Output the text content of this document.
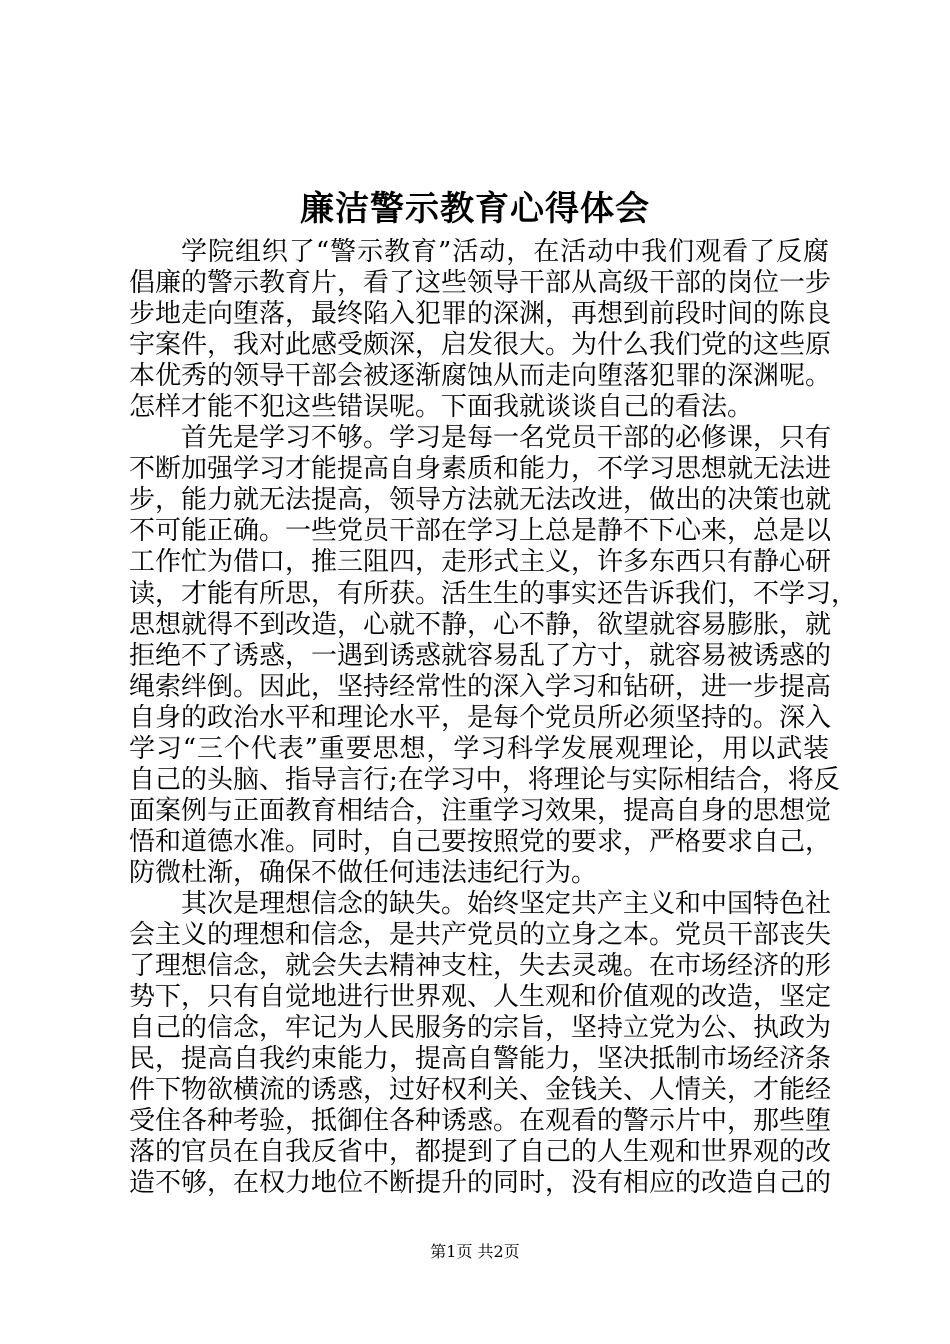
廉洁警示教育心得体会
学院组织了“警示教育”活动，在活动中我们观看了反腐
倡廉的警示教育片，看了这些领导干部从高级干部的岗位一步
步地走向堕落，最终陷入犯罪的深渊，再想到前段时间的陈良
宇案件，我对此感受颇深，启发很大。为什么我们党的这些原
本优秀的领导干部会被逐渐腐蚀从而走向堕落犯罪的深渊呢。
怎样才能不犯这些错误呢。下面我就谈谈自己的看法。
首先是学习不够。学习是每一名党员干部的必修课，只有
不断加强学习才能提高自身素质和能力，不学习思想就无法进
步，能力就无法提高，领导方法就无法改进，做出的决策也就
不可能正确。一些党员干部在学习上总是静不下心来，总是以
工作忙为借口，推三阻四，走形式主义，许多东西只有静心研
读，才能有所思，有所获。活生生的事实还告诉我们，不学习，
思想就得不到改造，心就不静，心不静，欲望就容易膨胀，就
拒绝不了诱惑，一遇到诱惑就容易乱了方寸，就容易被诱惑的
绳索绊倒。因此，坚持经常性的深入学习和钻研，进一步提高
自身的政治水平和理论水平，是每个党员所必须坚持的。深入
学习“三个代表”重要思想，学习科学发展观理论，用以武装
自己的头脑、指导言行;在学习中，将理论与实际相结合，将反
面案例与正面教育相结合，注重学习效果，提高自身的思想觉
悟和道德水准。同时，自己要按照党的要求，严格要求自己，
防微杜渐，确保不做任何违法违纪行为。
其次是理想信念的缺失。始终坚定共产主义和中国特色社
会主义的理想和信念，是共产党员的立身之本。党员干部丧失
了理想信念，就会失去精神支柱，失去灵魂。在市场经济的形
势下，只有自觉地进行世界观、人生观和价值观的改造，坚定
自己的信念，牢记为人民服务的宗旨，坚持立党为公、执政为
民，提高自我约束能力，提高自警能力，坚决抵制市场经济条
件下物欲横流的诱惑，过好权利关、金钱关、人情关，才能经
受住各种考验，抵御住各种诱惑。在观看的警示片中，那些堕
落的官员在自我反省中，都提到了自己的人生观和世界观的改
造不够，在权力地位不断提升的同时，没有相应的改造自己的
第1页 共2页
